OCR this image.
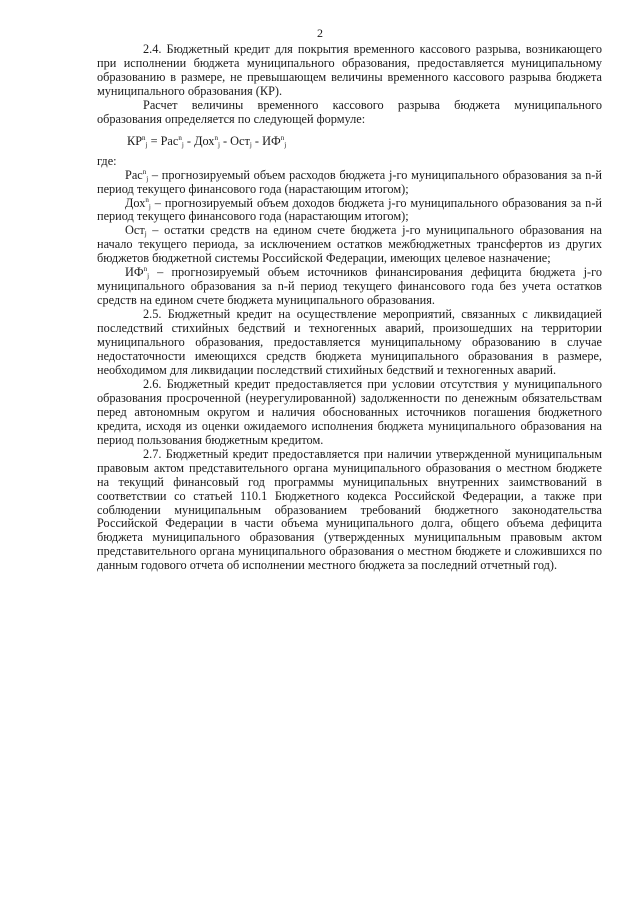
2

2.4. Бюджетный кредит для покрытия временного кассового разрыва, возникающего при исполнении бюджета муниципального образования, предоставляется муниципальному образованию в размере, не превышающем величины временного кассового разрыва бюджета муниципального образования (КР).

Расчет величины временного кассового разрыва бюджета муниципального образования определяется по следующей формуле:

$КР^n_j = Рас^n_j - Дох^n_j - Ост_j - ИФ^n_j$

где:

Рас$^n_j$ – прогнозируемый объем расходов бюджета j-го муниципального образования за n-й период текущего финансового года (нарастающим итогом);

Дох$^n_j$ – прогнозируемый объем доходов бюджета j-го муниципального образования за n-й период текущего финансового года (нарастающим итогом);

Ост$_j$ – остатки средств на едином счете бюджета j-го муниципального образования на начало текущего периода, за исключением остатков межбюджетных трансфертов из других бюджетов бюджетной системы Российской Федерации, имеющих целевое назначение;

$ИФ^n_j$ – прогнозируемый объем источников финансирования дефицита бюджета j-го муниципального образования за n-й период текущего финансового года без учета остатков средств на едином счете бюджета муниципального образования.

2.5. Бюджетный кредит на осуществление мероприятий, связанных с ликвидацией последствий стихийных бедствий и техногенных аварий, произошедших на территории муниципального образования, предоставляется муниципальному образованию в случае недостаточности имеющихся средств бюджета муниципального образования в размере, необходимом для ликвидации последствий стихийных бедствий и техногенных аварий.

2.6. Бюджетный кредит предоставляется при условии отсутствия у муниципального образования просроченной (неурегулированной) задолженности по денежным обязательствам перед автономным округом и наличия обоснованных источников погашения бюджетного кредита, исходя из оценки ожидаемого исполнения бюджета муниципального образования на период пользования бюджетным кредитом.

2.7. Бюджетный кредит предоставляется при наличии утвержденной муниципальным правовым актом представительного органа муниципального образования о местном бюджете на текущий финансовый год программы муниципальных внутренних заимствований в соответствии со статьей 110.1 Бюджетного кодекса Российской Федерации, а также при соблюдении муниципальным образованием требований бюджетного законодательства Российской Федерации в части объема муниципального долга, общего объема дефицита бюджета муниципального образования (утвержденных муниципальным правовым актом представительного органа муниципального образования о местном бюджете и сложившихся по данным годового отчета об исполнении местного бюджета за последний отчетный год).
